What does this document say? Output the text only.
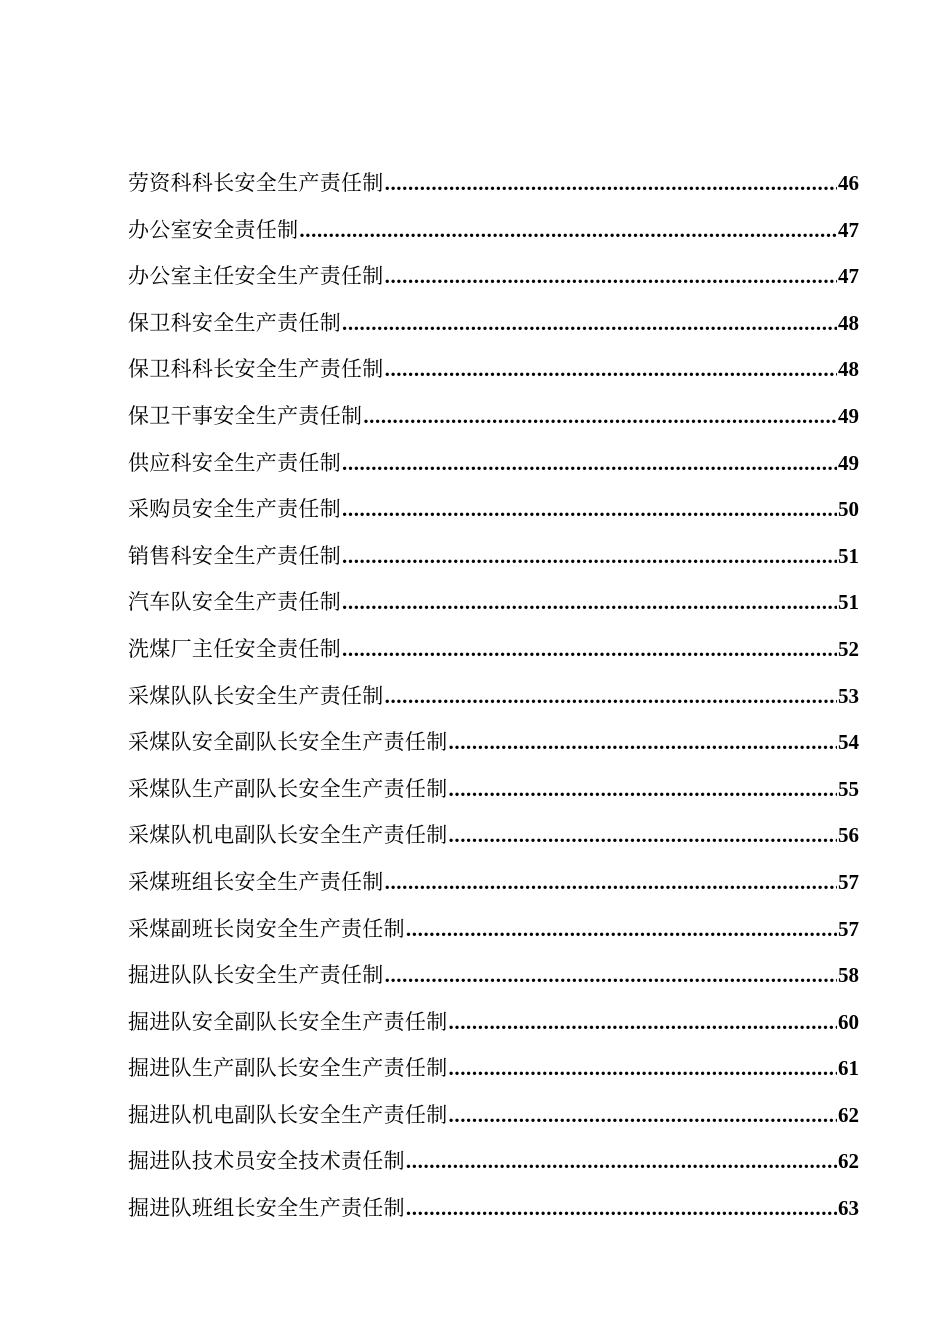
劳资科科长安全生产责任制 .....	46
办公室安全责任制 .....	47
办公室主任安全生产责任制 .....	47
保卫科安全生产责任制 .....	48
保卫科科长安全生产责任制 .....	48
保卫干事安全生产责任制 .....	49
供应科安全生产责任制 .....	49
采购员安全生产责任制 .....	50
销售科安全生产责任制 .....	51
汽车队安全生产责任制 .....	51
洗煤厂主任安全责任制 .....	52
采煤队队长安全生产责任制 .....	53
采煤队安全副队长安全生产责任制 .....	54
采煤队生产副队长安全生产责任制 .....	55
采煤队机电副队长安全生产责任制 .....	56
采煤班组长安全生产责任制 .....	57
采煤副班长岗安全生产责任制 .....	57
掘进队队长安全生产责任制 .....	58
掘进队安全副队长安全生产责任制 .....	60
掘进队生产副队长安全生产责任制 .....	61
掘进队机电副队长安全生产责任制 .....	62
掘进队技术员安全技术责任制 .....	62
掘进队班组长安全生产责任制 .....	63
